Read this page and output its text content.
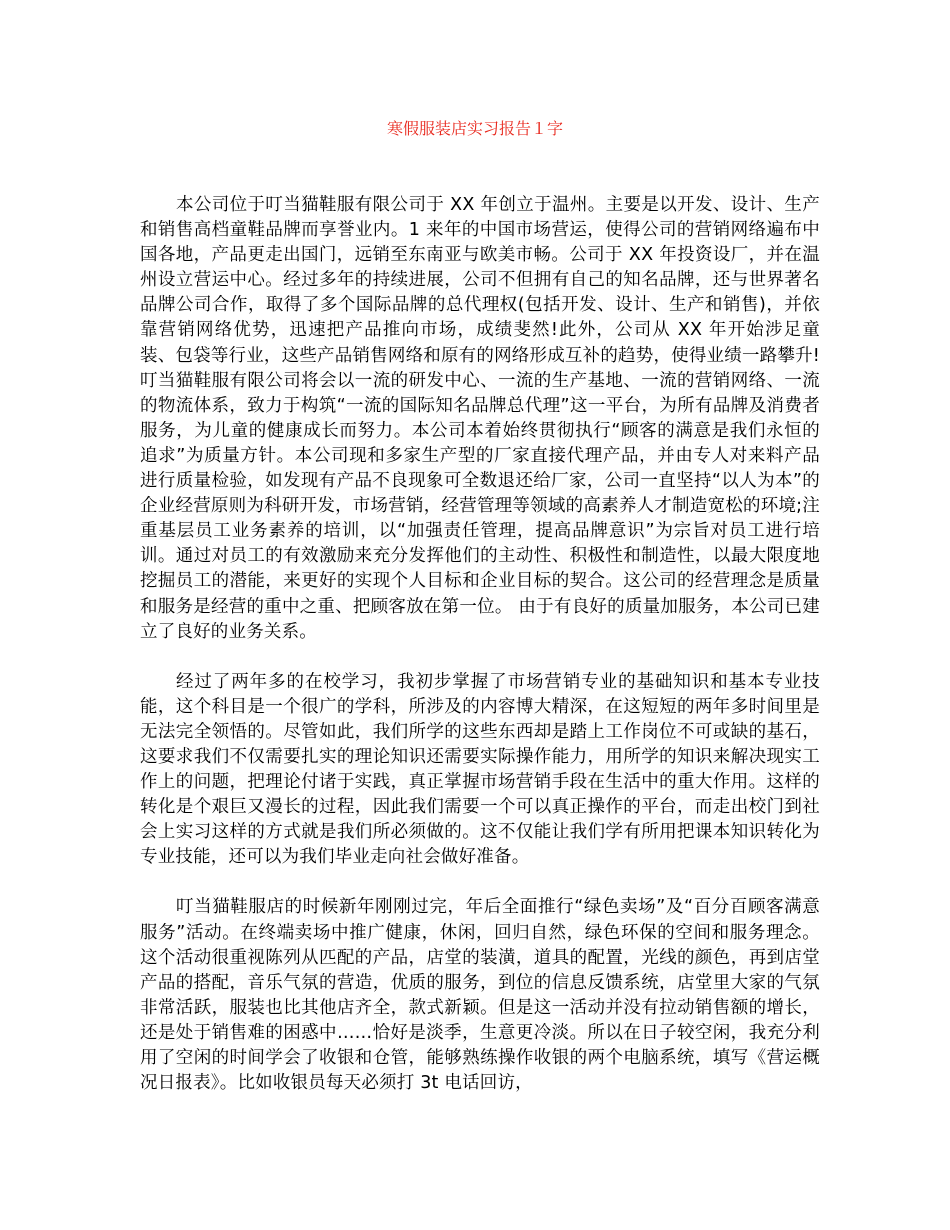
寒假服装店实习报告１字

本公司位于叮当猫鞋服有限公司于 XX 年创立于温州。主要是以开发、设计、生产和销售高档童鞋品牌而享誉业内。1 来年的中国市场营运，使得公司的营销网络遍布中国各地，产品更走出国门，远销至东南亚与欧美市畅。公司于 XX 年投资设厂，并在温州设立营运中心。经过多年的持续进展，公司不但拥有自己的知名品牌，还与世界著名品牌公司合作，取得了多个国际品牌的总代理权(包括开发、设计、生产和销售)，并依靠营销网络优势，迅速把产品推向市场，成绩斐然!此外，公司从 XX 年开始涉足童装、包袋等行业，这些产品销售网络和原有的网络形成互补的趋势，使得业绩一路攀升! 叮当猫鞋服有限公司将会以一流的研发中心、一流的生产基地、一流的营销网络、一流的物流体系，致力于构筑“一流的国际知名品牌总代理”这一平台，为所有品牌及消费者服务，为儿童的健康成长而努力。本公司本着始终贯彻执行“顾客的满意是我们永恒的追求”为质量方针。本公司现和多家生产型的厂家直接代理产品，并由专人对来料产品进行质量检验，如发现有产品不良现象可全数退还给厂家，公司一直坚持“以人为本”的企业经营原则为科研开发，市场营销，经营管理等领域的高素养人才制造宽松的环境;注重基层员工业务素养的培训，以“加强责任管理，提高品牌意识”为宗旨对员工进行培训。通过对员工的有效激励来充分发挥他们的主动性、积极性和制造性，以最大限度地挖掘员工的潜能，来更好的实现个人目标和企业目标的契合。这公司的经营理念是质量和服务是经营的重中之重、把顾客放在第一位。 由于有良好的质量加服务，本公司已建立了良好的业务关系。

经过了两年多的在校学习，我初步掌握了市场营销专业的基础知识和基本专业技能，这个科目是一个很广的学科，所涉及的内容博大精深，在这短短的两年多时间里是无法完全领悟的。尽管如此，我们所学的这些东西却是踏上工作岗位不可或缺的基石，这要求我们不仅需要扎实的理论知识还需要实际操作能力，用所学的知识来解决现实工作上的问题，把理论付诸于实践，真正掌握市场营销手段在生活中的重大作用。这样的转化是个艰巨又漫长的过程，因此我们需要一个可以真正操作的平台，而走出校门到社会上实习这样的方式就是我们所必须做的。这不仅能让我们学有所用把课本知识转化为专业技能，还可以为我们毕业走向社会做好准备。

叮当猫鞋服店的时候新年刚刚过完，年后全面推行“绿色卖场”及“百分百顾客满意服务”活动。在终端卖场中推广健康，休闲，回归自然，绿色环保的空间和服务理念。这个活动很重视陈列从匹配的产品，店堂的装潢，道具的配置，光线的颜色，再到店堂产品的搭配，音乐气氛的营造，优质的服务，到位的信息反馈系统，店堂里大家的气氛非常活跃，服装也比其他店齐全，款式新颖。但是这一活动并没有拉动销售额的增长，还是处于销售难的困惑中……恰好是淡季，生意更冷淡。所以在日子较空闲，我充分利用了空闲的时间学会了收银和仓管，能够熟练操作收银的两个电脑系统，填写《营运概况日报表》。比如收银员每天必须打 3t 电话回访，
